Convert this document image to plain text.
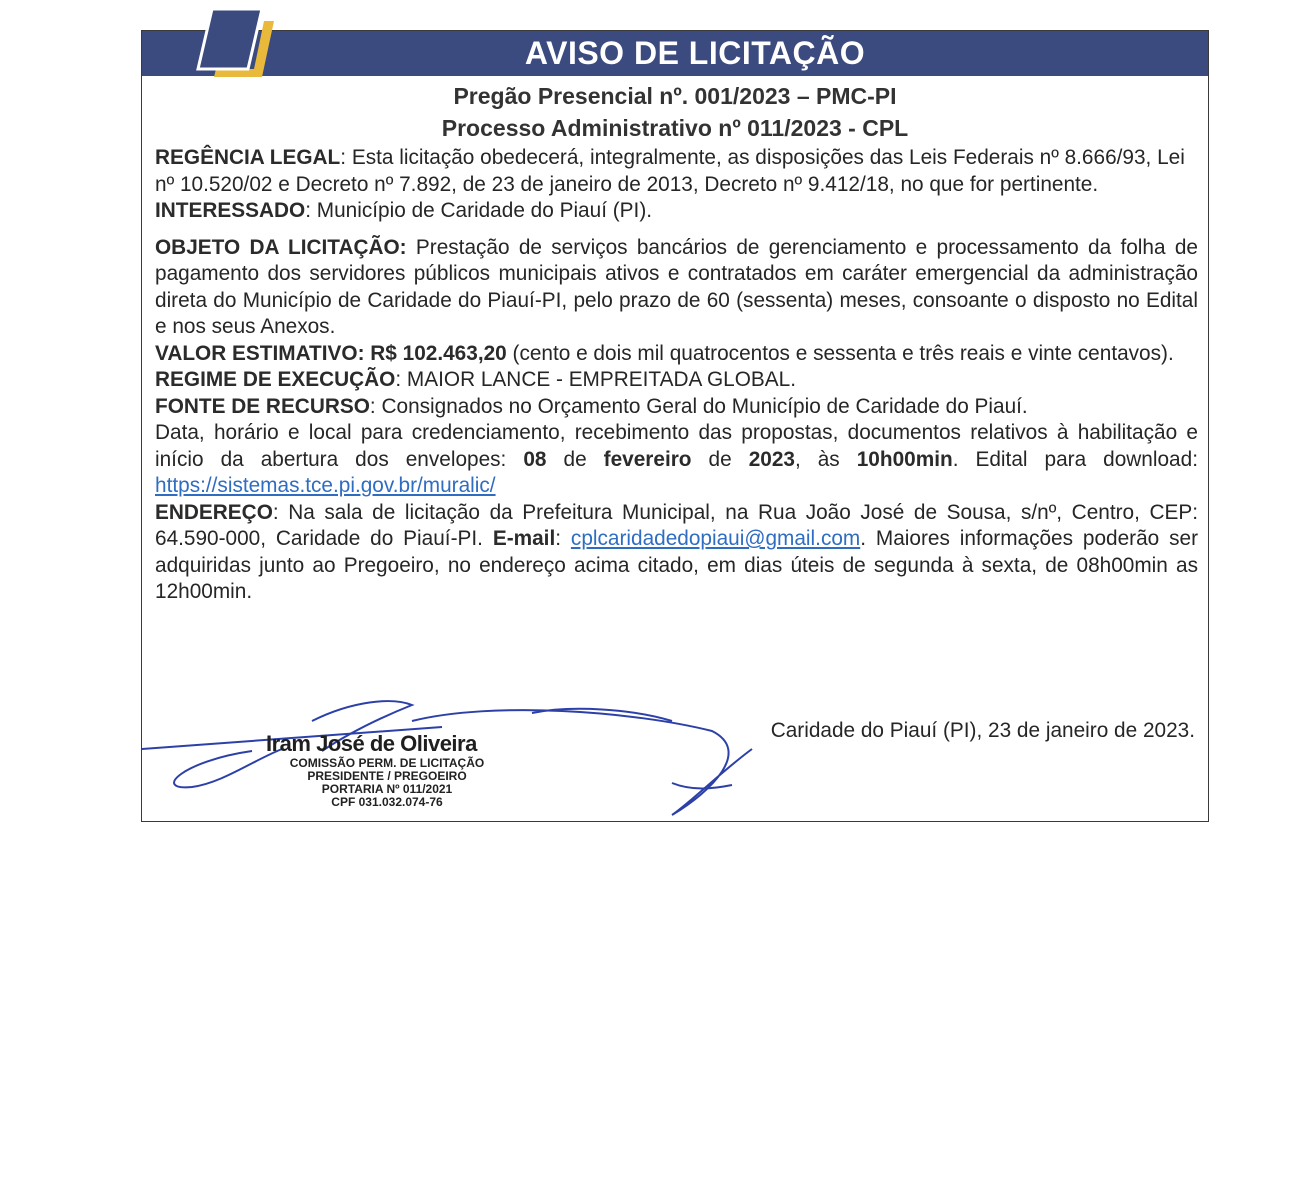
AVISO DE LICITAÇÃO
Pregão Presencial nº. 001/2023 – PMC-PI
Processo Administrativo nº 011/2023 - CPL

REGÊNCIA LEGAL: Esta licitação obedecerá, integralmente, as disposições das Leis Federais nº 8.666/93, Lei nº 10.520/02 e Decreto nº 7.892, de 23 de janeiro de 2013, Decreto nº 9.412/18, no que for pertinente.

INTERESSADO: Município de Caridade do Piauí (PI).

OBJETO DA LICITAÇÃO: Prestação de serviços bancários de gerenciamento e processamento da folha de pagamento dos servidores públicos municipais ativos e contratados em caráter emergencial da administração direta do Município de Caridade do Piauí-PI, pelo prazo de 60 (sessenta) meses, consoante o disposto no Edital e nos seus Anexos.

VALOR ESTIMATIVO: R$ 102.463,20 (cento e dois mil quatrocentos e sessenta e três reais e vinte centavos).

REGIME DE EXECUÇÃO: MAIOR LANCE - EMPREITADA GLOBAL.

FONTE DE RECURSO: Consignados no Orçamento Geral do Município de Caridade do Piauí.

Data, horário e local para credenciamento, recebimento das propostas, documentos relativos à habilitação e início da abertura dos envelopes: 08 de fevereiro de 2023, às 10h00min. Edital para download: https://sistemas.tce.pi.gov.br/muralic/

ENDEREÇO: Na sala de licitação da Prefeitura Municipal, na Rua João José de Sousa, s/nº, Centro, CEP: 64.590-000, Caridade do Piauí-PI. E-mail: cplcaridadedopiaui@gmail.com. Maiores informações poderão ser adquiridas junto ao Pregoeiro, no endereço acima citado, em dias úteis de segunda à sexta, de 08h00min as 12h00min.

Iram José de Oliveira
COMISSÃO PERM. DE LICITAÇÃO
PRESIDENTE / PREGOEIRO
PORTARIA Nº 011/2021
CPF 031.032.074-76
Caridade do Piauí (PI), 23 de janeiro de 2023.
